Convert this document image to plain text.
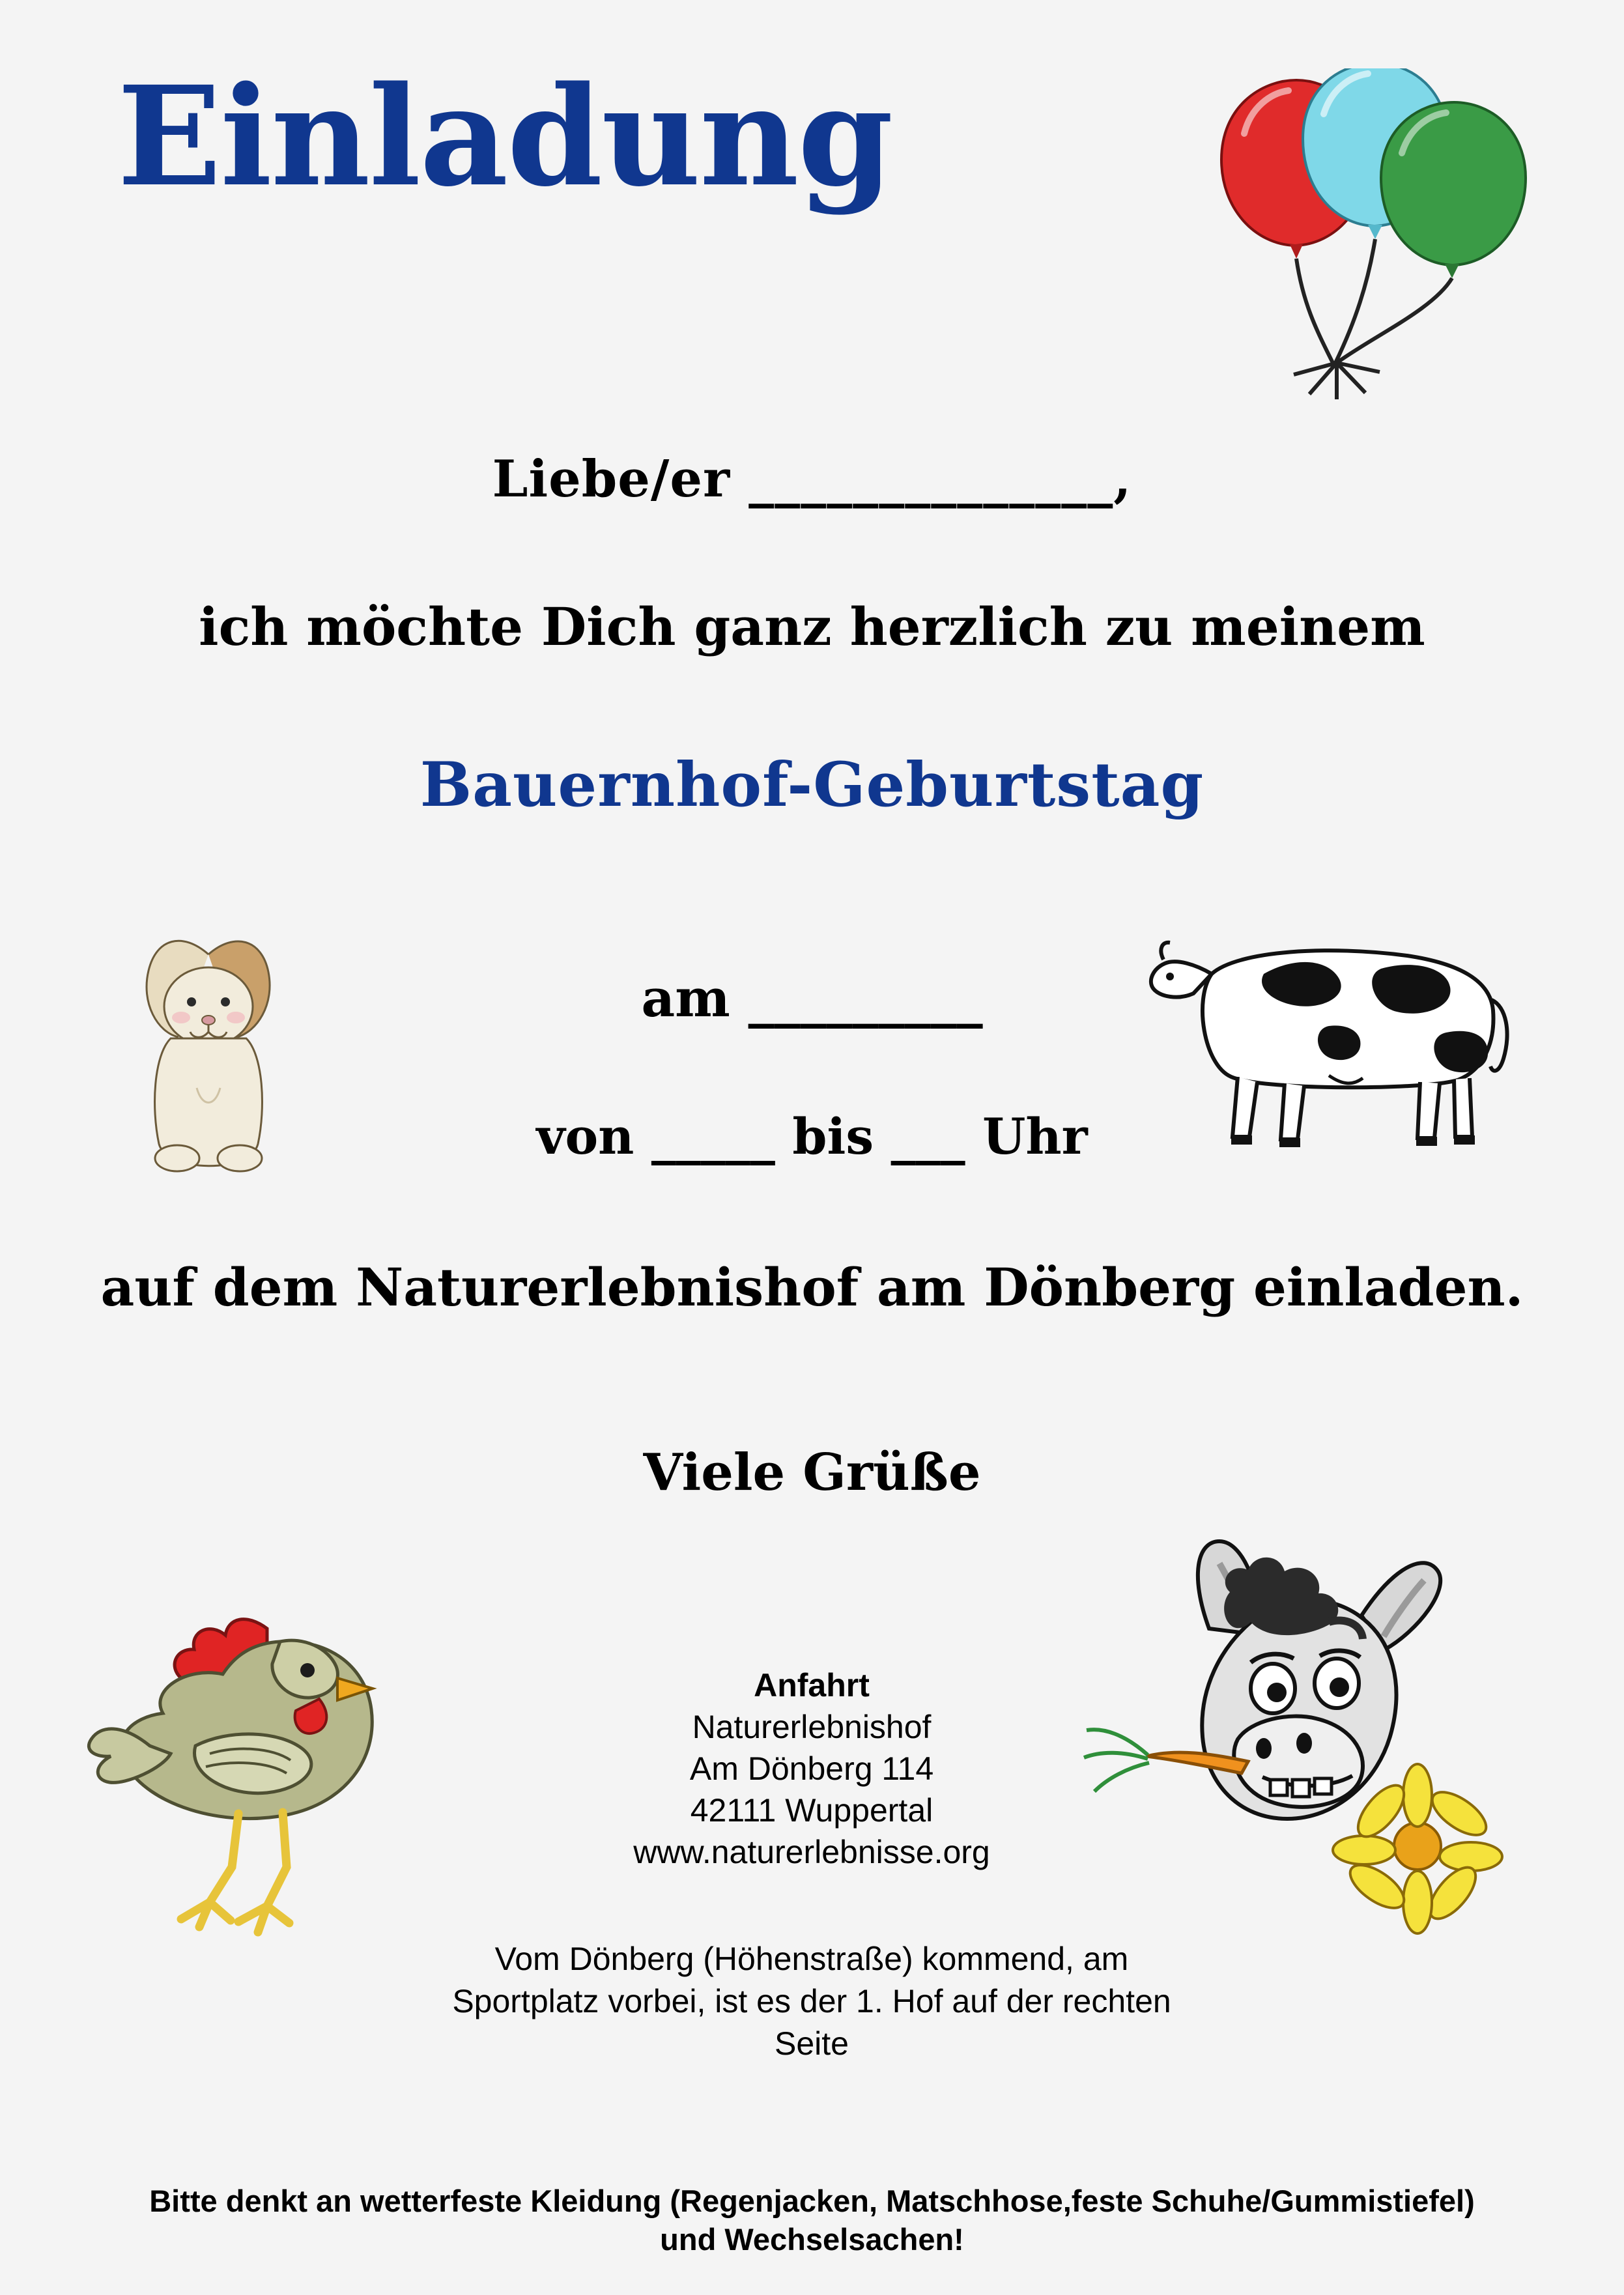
Einladung
Liebe/er ______________,
ich möchte Dich ganz herzlich zu meinem
Bauernhof-Geburtstag
am _________
von _____ bis ___ Uhr
auf dem Naturerlebnishof am Dönberg einladen.
Viele Grüße
Anfahrt
Naturerlebnishof
Am Dönberg 114
42111 Wuppertal
www.naturerlebnisse.org
Vom Dönberg (Höhenstraße) kommend, am Sportplatz vorbei, ist es der 1. Hof auf der rechten Seite
Bitte denkt an wetterfeste Kleidung (Regenjacken, Matschhose,feste Schuhe/Gummistiefel)
und Wechselsachen!
